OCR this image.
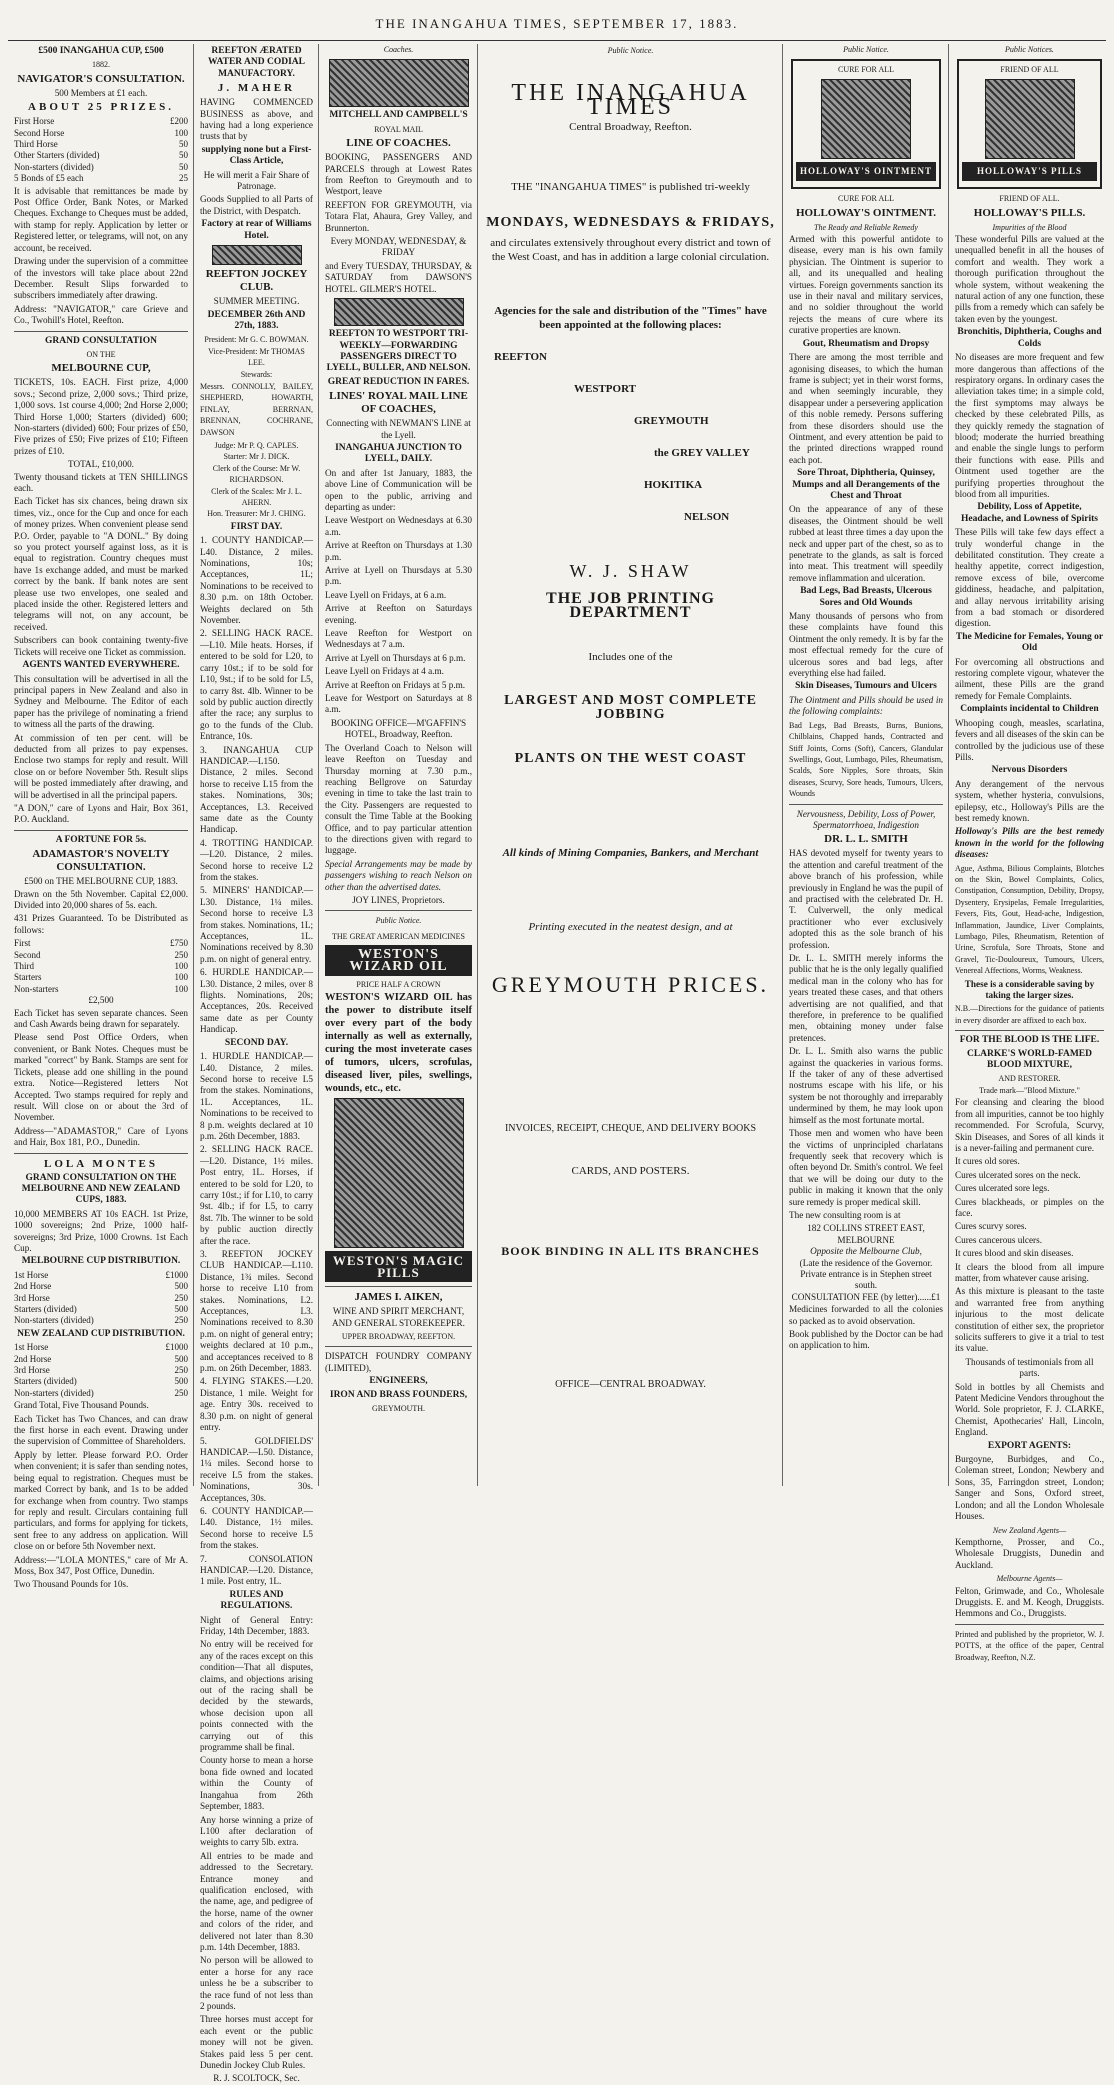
THE INANGAHUA TIMES, SEPTEMBER 17, 1883.
£500 INANGAHUA CUP, £500
1882.
NAVIGATOR'S CONSULTATION.
500 Members at £1 each.
ABOUT 25 PRIZES.
First Horse	£200
Second Horse	100
Third Horse	50
Other Starters (divided)	50
Non-starters (divided)	50
5 Bonds of £5 each	25

It is advisable that remittances be made by Post Office Order, Bank Notes, or Marked Cheques. Exchange to Cheques must be added, with stamp for reply. Application by letter or Registered letter, or telegrams, will not, on any account, be received.

Drawing under the supervision of a committee of the investors will take place about 22nd December. Result Slips forwarded to subscribers immediately after drawing.

Address: "NAVIGATOR," care Grieve and Co., Twohill's Hotel, Reefton.

GRAND CONSULTATION
ON THE
MELBOURNE CUP,

TICKETS, 10s. EACH. First prize, 4,000 sovs.; Second prize, 2,000 sovs.; Third prize, 1,000 sovs. 1st course 4,000; 2nd Horse 2,000; Third Horse 1,000; Starters (divided) 600; Non-starters (divided) 600; Four prizes of £50, Five prizes of £50; Five prizes of £10; Fifteen prizes of £10.

TOTAL, £10,000.

Twenty thousand tickets at TEN SHILLINGS each.

Each Ticket has six chances, being drawn six times, viz., once for the Cup and once for each of money prizes. When convenient please send P.O. Order, payable to "A DONL." By doing so you protect yourself against loss, as it is equal to registration. Country cheques must have 1s exchange added, and must be marked correct by the bank. If bank notes are sent please use two envelopes, one sealed and placed inside the other. Registered letters and telegrams will not, on any account, be received.

Subscribers can book containing twenty-five Tickets will receive one Ticket as commission.

AGENTS WANTED EVERYWHERE.

This consultation will be advertised in all the principal papers in New Zealand and also in Sydney and Melbourne. The Editor of each paper has the privilege of nominating a friend to witness all the parts of the drawing.

At commission of ten per cent. will be deducted from all prizes to pay expenses. Enclose two stamps for reply and result. Will close on or before November 5th. Result slips will be posted immediately after drawing, and will be advertised in all the principal papers.

"A DON," care of Lyons and Hair, Box 361, P.O. Auckland.

A FORTUNE FOR 5s.
ADAMASTOR'S NOVELTY CONSULTATION.
£500 on THE MELBOURNE CUP, 1883.

Drawn on the 5th November. Capital £2,000. Divided into 20,000 shares of 5s. each.

431 Prizes Guaranteed. To be Distributed as follows:

First	£750
Second	250
Third	100
Starters	100
Non-starters	100
£2,500

Each Ticket has seven separate chances. Seen and Cash Awards being drawn for separately.

Please send Post Office Orders, when convenient, or Bank Notes. Cheques must be marked "correct" by Bank. Stamps are sent for Tickets, please add one shilling in the pound extra. Notice—Registered letters Not Accepted. Two stamps required for reply and result. Will close on or about the 3rd of November.

Address—"ADAMASTOR," Care of Lyons and Hair, Box 181, P.O., Dunedin.

LOLA MONTES
GRAND CONSULTATION ON THE MELBOURNE AND NEW ZEALAND CUPS, 1883.

10,000 MEMBERS AT 10s EACH. 1st Prize, 1000 sovereigns; 2nd Prize, 1000 half-sovereigns; 3rd Prize, 1000 Crowns. 1st Each Cup.

MELBOURNE CUP DISTRIBUTION.
1st Horse	£1000
2nd Horse	500
3rd Horse	250
Starters (divided)	500
Non-starters (divided)	250
NEW ZEALAND CUP DISTRIBUTION.
1st Horse	£1000
2nd Horse	500
3rd Horse	250
Starters (divided)	500
Non-starters (divided)	250

Grand Total, Five Thousand Pounds.

Each Ticket has Two Chances, and can draw the first horse in each event. Drawing under the supervision of Committee of Shareholders.

Apply by letter. Please forward P.O. Order when convenient; it is safer than sending notes, being equal to registration. Cheques must be marked Correct by bank, and 1s to be added for exchange when from country. Two stamps for reply and result. Circulars containing full particulars, and forms for applying for tickets, sent free to any address on application. Will close on or before 5th November next.

Address:—"LOLA MONTES," care of Mr A. Moss, Box 347, Post Office, Dunedin.

Two Thousand Pounds for 10s.

REEFTON ÆRATED WATER AND CODIAL MANUFACTORY.
J. MAHER

HAVING COMMENCED BUSINESS as above, and having had a long experience trusts that by

supplying none but a First-Class Article,

He will merit a Fair Share of Patronage.

Goods Supplied to all Parts of the District, with Despatch.

Factory at rear of Williams Hotel.
REEFTON JOCKEY CLUB.
SUMMER MEETING.
DECEMBER 26th AND 27th, 1883.
President: Mr G. C. BOWMAN.
Vice-President: Mr THOMAS LEE.
Stewards:

Messrs. CONNOLLY, BAILEY, SHEPHERD, HOWARTH, FINLAY, BERRNAN, BRENNAN, COCHRANE, DAWSON

Judge: Mr P. Q. CAPLES.
Starter: Mr J. DICK.
Clerk of the Course: Mr W. RICHARDSON.
Clerk of the Scales: Mr J. L. AHERN.
Hon. Treasurer: Mr J. CHING.
FIRST DAY.

1. COUNTY HANDICAP.—L40. Distance, 2 miles. Nominations, 10s; Acceptances, 1L; Nominations to be received to 8.30 p.m. on 18th October. Weights declared on 5th November.

2. SELLING HACK RACE.—L10. Mile heats. Horses, if entered to be sold for L20, to carry 10st.; if to be sold for L10, 9st.; if to be sold for L5, to carry 8st. 4lb. Winner to be sold by public auction directly after the race; any surplus to go to the funds of the Club. Entrance, 10s.

3. INANGAHUA CUP HANDICAP.—L150. Distance, 2 miles. Second horse to receive L15 from the stakes. Nominations, 30s; Acceptances, L3. Received same date as the County Handicap.

4. TROTTING HANDICAP.—L20. Distance, 2 miles. Second horse to receive L2 from the stakes.

5. MINERS' HANDICAP.—L30. Distance, 1¼ miles. Second horse to receive L3 from stakes. Nominations, 1L; Acceptances, 1L. Nominations received by 8.30 p.m. on night of general entry.

6. HURDLE HANDICAP.—L30. Distance, 2 miles, over 8 flights. Nominations, 20s; Acceptances, 20s. Received same date as per County Handicap.

SECOND DAY.

1. HURDLE HANDICAP.—L40. Distance, 2 miles. Second horse to receive L5 from the stakes. Nominations, 1L. Acceptances, 1L. Nominations to be received to 8 p.m. weights declared at 10 p.m. 26th December, 1883.

2. SELLING HACK RACE.—L20. Distance, 1½ miles. Post entry, 1L. Horses, if entered to be sold for L20, to carry 10st.; if for L10, to carry 9st. 4lb.; if for L5, to carry 8st. 7lb. The winner to be sold by public auction directly after the race.

3. REEFTON JOCKEY CLUB HANDICAP.—L110. Distance, 1¾ miles. Second horse to receive L10 from stakes. Nominations, L2. Acceptances, L3. Nominations received to 8.30 p.m. on night of general entry; weights declared at 10 p.m., and acceptances received to 8 p.m. on 26th December, 1883.

4. FLYING STAKES.—L20. Distance, 1 mile. Weight for age. Entry 30s. received to 8.30 p.m. on night of general entry.

5. GOLDFIELDS' HANDICAP.—L50. Distance, 1¼ miles. Second horse to receive L5 from the stakes. Nominations, 30s. Acceptances, 30s.

6. COUNTY HANDICAP.—L40. Distance, 1½ miles. Second horse to receive L5 from the stakes.

7. CONSOLATION HANDICAP.—L20. Distance, 1 mile. Post entry, 1L.

RULES AND REGULATIONS.

Night of General Entry: Friday, 14th December, 1883.

No entry will be received for any of the races except on this condition—That all disputes, claims, and objections arising out of the racing shall be decided by the stewards, whose decision upon all points connected with the carrying out of this programme shall be final.

County horse to mean a horse bona fide owned and located within the County of Inangahua from 26th September, 1883.

Any horse winning a prize of L100 after declaration of weights to carry 5lb. extra.

All entries to be made and addressed to the Secretary. Entrance money and qualification enclosed, with the name, age, and pedigree of the horse, name of the owner and colors of the rider, and delivered not later than 8.30 p.m. 14th December, 1883.

No person will be allowed to enter a horse for any race unless he be a subscriber to the race fund of not less than 2 pounds.

Three horses must accept for each event or the public money will not be given. Stakes paid less 5 per cent. Dunedin Jockey Club Rules.

R. J. SCOLTOCK, Sec.

Coaches.
MITCHELL AND CAMPBELL'S
ROYAL MAIL
LINE OF COACHES.

BOOKING, PASSENGERS AND PARCELS through at Lowest Rates from Reefton to Greymouth and to Westport, leave

REEFTON FOR GREYMOUTH, via Totara Flat, Ahaura, Grey Valley, and Brunnerton.

Every MONDAY, WEDNESDAY, & FRIDAY

and Every TUESDAY, THURSDAY, & SATURDAY from DAWSON'S HOTEL. GILMER'S HOTEL.

REEFTON TO WESTPORT TRI-WEEKLY—FORWARDING PASSENGERS DIRECT TO LYELL, BULLER, AND NELSON.
GREAT REDUCTION IN FARES.
LINES' ROYAL MAIL LINE OF COACHES,

Connecting with NEWMAN'S LINE at the Lyell.

INANGAHUA JUNCTION TO LYELL, DAILY.

On and after 1st January, 1883, the above Line of Communication will be open to the public, arriving and departing as under:

Leave Westport on Wednesdays at 6.30 a.m.

Arrive at Reefton on Thursdays at 1.30 p.m.

Arrive at Lyell on Thursdays at 5.30 p.m.

Leave Lyell on Fridays, at 6 a.m.

Arrive at Reefton on Saturdays evening.

Leave Reefton for Westport on Wednesdays at 7 a.m.

Arrive at Lyell on Thursdays at 6 p.m.

Leave Lyell on Fridays at 4 a.m.

Arrive at Reefton on Fridays at 5 p.m.

Leave for Westport on Saturdays at 8 a.m.

BOOKING OFFICE—M'GAFFIN'S HOTEL, Broadway, Reefton.

The Overland Coach to Nelson will leave Reefton on Tuesday and Thursday morning at 7.30 p.m., reaching Bellgrove on Saturday evening in time to take the last train to the City. Passengers are requested to consult the Time Table at the Booking Office, and to pay particular attention to the directions given with regard to luggage.

Special Arrangements may be made by passengers wishing to reach Nelson on other than the advertised dates.

JOY LINES, Proprietors.

Public Notice.
THE GREAT AMERICAN MEDICINES
WESTON'S WIZARD OIL
PRICE HALF A CROWN

WESTON'S WIZARD OIL has the power to distribute itself over every part of the body internally as well as externally, curing the most inveterate cases of tumors, ulcers, scrofulas, diseased liver, piles, swellings, wounds, etc., etc.

WESTON'S MAGIC PILLS
JAMES I. AIKEN,

WINE AND SPIRIT MERCHANT, AND GENERAL STOREKEEPER.

UPPER BROADWAY, REEFTON.

DISPATCH FOUNDRY COMPANY (LIMITED),

ENGINEERS,
IRON AND BRASS FOUNDERS,
GREYMOUTH.
Public Notice.
THE INANGAHUA TIMES
Central Broadway, Reefton.
THE "INANGAHUA TIMES" is published tri-weekly
MONDAYS, WEDNESDAYS & FRIDAYS,

and circulates extensively throughout every district and town of the West Coast, and has in addition a large colonial circulation.

Agencies for the sale and distribution of the "Times" have been appointed at the following places:

REEFTON
WESTPORT
GREYMOUTH
the GREY VALLEY
HOKITIKA
NELSON
W. J. SHAW
THE JOB PRINTING DEPARTMENT
Includes one of the
LARGEST AND MOST COMPLETE JOBBING
PLANTS ON THE WEST COAST

All kinds of Mining Companies, Bankers, and Merchant

Printing executed in the neatest design, and at

GREYMOUTH PRICES.
INVOICES, RECEIPT, CHEQUE, AND DELIVERY BOOKS
CARDS, AND POSTERS.
BOOK BINDING IN ALL ITS BRANCHES
OFFICE—CENTRAL BROADWAY.
Public Notice.
CURE FOR ALL
HOLLOWAY'S OINTMENT
CURE FOR ALL
HOLLOWAY'S OINTMENT.
The Ready and Reliable Remedy

Armed with this powerful antidote to disease, every man is his own family physician. The Ointment is superior to all, and its unequalled and healing virtues. Foreign governments sanction its use in their naval and military services, and no soldier throughout the world rejects the means of cure where its curative properties are known.

Gout, Rheumatism and Dropsy

There are among the most terrible and agonising diseases, to which the human frame is subject; yet in their worst forms, and when seemingly incurable, they disappear under a persevering application of this noble remedy. Persons suffering from these disorders should use the Ointment, and every attention be paid to the printed directions wrapped round each pot.

Sore Throat, Diphtheria, Quinsey, Mumps and all Derangements of the Chest and Throat

On the appearance of any of these diseases, the Ointment should be well rubbed at least three times a day upon the neck and upper part of the chest, so as to penetrate to the glands, as salt is forced into meat. This treatment will speedily remove inflammation and ulceration.

Bad Legs, Bad Breasts, Ulcerous Sores and Old Wounds

Many thousands of persons who from these complaints have found this Ointment the only remedy. It is by far the most effectual remedy for the cure of ulcerous sores and bad legs, after everything else had failed.

Skin Diseases, Tumours and Ulcers

The Ointment and Pills should be used in the following complaints:

Bad Legs, Bad Breasts, Burns, Bunions, Chilblains, Chapped hands, Contracted and Stiff Joints, Corns (Soft), Cancers, Glandular Swellings, Gout, Lumbago, Piles, Rheumatism, Scalds, Sore Nipples, Sore throats, Skin diseases, Scurvy, Sore heads, Tumours, Ulcers, Wounds

Nervousness, Debility, Loss of Power, Spermatorrhoea, Indigestion

DR. L. L. SMITH

HAS devoted myself for twenty years to the attention and careful treatment of the above branch of his profession, while previously in England he was the pupil of and practised with the celebrated Dr. H. T. Culverwell, the only medical practitioner who ever exclusively adopted this as the sole branch of his profession.

Dr. L. L. SMITH merely informs the public that he is the only legally qualified medical man in the colony who has for years treated these cases, and that others advertising are not qualified, and that therefore, in preference to be qualified men, obtaining money under false pretences.

Dr. L. L. Smith also warns the public against the quackeries in various forms. If the taker of any of these advertised nostrums escape with his life, or his system be not thoroughly and irreparably undermined by them, he may look upon himself as the most fortunate mortal.

Those men and women who have been the victims of unprincipled charlatans frequently seek that recovery which is often beyond Dr. Smith's control. We feel that we will be doing our duty to the public in making it known that the only sure remedy is proper medical skill.

The new consulting room is at

182 COLLINS STREET EAST, MELBOURNE
Opposite the Melbourne Club,
(Late the residence of the Governor.
Private entrance is in Stephen street south.
CONSULTATION FEE (by letter)......£1

Medicines forwarded to all the colonies so packed as to avoid observation.

Book published by the Doctor can be had on application to him.

Public Notices.
FRIEND OF ALL
HOLLOWAY'S PILLS
FRIEND OF ALL.
HOLLOWAY'S PILLS.
Impurities of the Blood

These wonderful Pills are valued at the unequalled benefit in all the houses of comfort and wealth. They work a thorough purification throughout the whole system, without weakening the natural action of any one function, these pills from a remedy which can safely be taken even by the youngest.

Bronchitis, Diphtheria, Coughs and Colds

No diseases are more frequent and few more dangerous than affections of the respiratory organs. In ordinary cases the alleviation takes time; in a simple cold, the first symptoms may always be checked by these celebrated Pills, as they quickly remedy the stagnation of blood; moderate the hurried breathing and enable the single lungs to perform their functions with ease. Pills and Ointment used together are the purifying properties throughout the blood from all impurities.

Debility, Loss of Appetite, Headache, and Lowness of Spirits

These Pills will take few days effect a truly wonderful change in the debilitated constitution. They create a healthy appetite, correct indigestion, remove excess of bile, overcome giddiness, headache, and palpitation, and allay nervous irritability arising from a bad stomach or disordered digestion.

The Medicine for Females, Young or Old

For overcoming all obstructions and restoring complete vigour, whatever the ailment, these Pills are the grand remedy for Female Complaints.

Complaints incidental to Children

Whooping cough, measles, scarlatina, fevers and all diseases of the skin can be controlled by the judicious use of these Pills.

Nervous Disorders

Any derangement of the nervous system, whether hysteria, convulsions, epilepsy, etc., Holloway's Pills are the best remedy known.

Holloway's Pills are the best remedy known in the world for the following diseases:

Ague, Asthma, Bilious Complaints, Blotches on the Skin, Bowel Complaints, Colics, Constipation, Consumption, Debility, Dropsy, Dysentery, Erysipelas, Female Irregularities, Fevers, Fits, Gout, Head-ache, Indigestion, Inflammation, Jaundice, Liver Complaints, Lumbago, Piles, Rheumatism, Retention of Urine, Scrofula, Sore Throats, Stone and Gravel, Tic-Douloureux, Tumours, Ulcers, Venereal Affections, Worms, Weakness.

These is a considerable saving by taking the larger sizes.

N.B.—Directions for the guidance of patients in every disorder are affixed to each box.

FOR THE BLOOD IS THE LIFE.
CLARKE'S WORLD-FAMED BLOOD MIXTURE,
AND RESTORER.
Trade mark—"Blood Mixture."

For cleansing and clearing the blood from all impurities, cannot be too highly recommended. For Scrofula, Scurvy, Skin Diseases, and Sores of all kinds it is a never-failing and permanent cure.

It cures old sores.

Cures ulcerated sores on the neck.

Cures ulcerated sore legs.

Cures blackheads, or pimples on the face.

Cures scurvy sores.

Cures cancerous ulcers.

It cures blood and skin diseases.

It clears the blood from all impure matter, from whatever cause arising.

As this mixture is pleasant to the taste and warranted free from anything injurious to the most delicate constitution of either sex, the proprietor solicits sufferers to give it a trial to test its value.

Thousands of testimonials from all parts.

Sold in bottles by all Chemists and Patent Medicine Vendors throughout the World. Sole proprietor, F. J. CLARKE, Chemist, Apothecaries' Hall, Lincoln, England.

EXPORT AGENTS:

Burgoyne, Burbidges, and Co., Coleman street, London; Newbery and Sons, 35, Farringdon street, London; Sanger and Sons, Oxford street, London; and all the London Wholesale Houses.

New Zealand Agents—

Kempthorne, Prosser, and Co., Wholesale Druggists, Dunedin and Auckland.

Melbourne Agents—

Felton, Grimwade, and Co., Wholesale Druggists. E. and M. Keogh, Druggists. Hemmons and Co., Druggists.

Printed and published by the proprietor, W. J. POTTS, at the office of the paper, Central Broadway, Reefton, N.Z.
